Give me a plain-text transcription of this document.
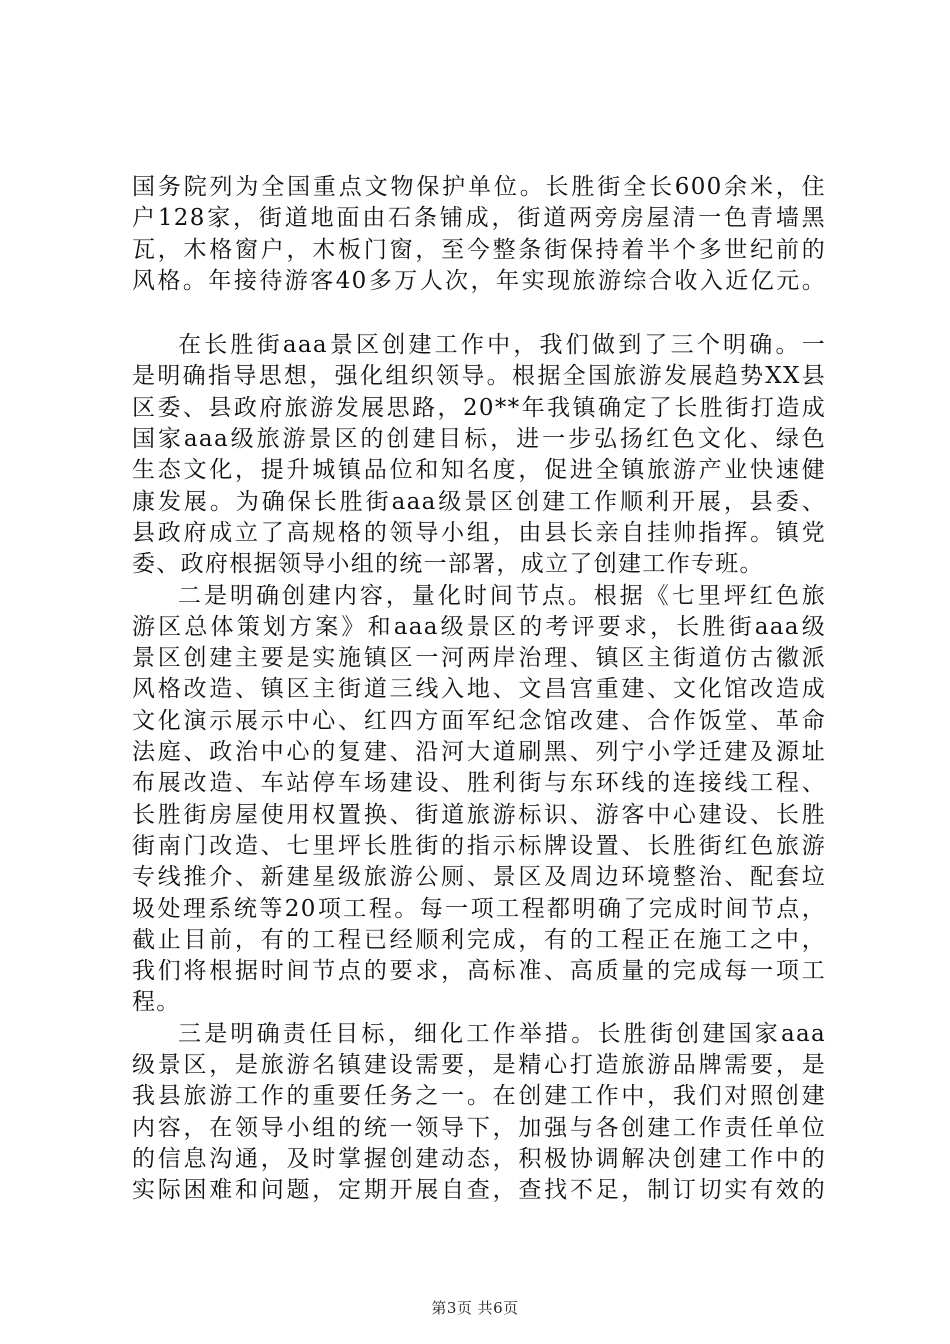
国务院列为全国重点文物保护单位。长胜街全长600余米，住
户128家，街道地面由石条铺成，街道两旁房屋清一色青墙黑
瓦，木格窗户，木板门窗，至今整条街保持着半个多世纪前的
风格。年接待游客40多万人次，年实现旅游综合收入近亿元。
在长胜街aaa景区创建工作中，我们做到了三个明确。一
是明确指导思想，强化组织领导。根据全国旅游发展趋势XX县
区委、县政府旅游发展思路，20**年我镇确定了长胜街打造成
国家aaa级旅游景区的创建目标，进一步弘扬红色文化、绿色
生态文化，提升城镇品位和知名度，促进全镇旅游产业快速健
康发展。为确保长胜街aaa级景区创建工作顺利开展，县委、
县政府成立了高规格的领导小组，由县长亲自挂帅指挥。镇党
委、政府根据领导小组的统一部署，成立了创建工作专班。
二是明确创建内容，量化时间节点。根据《七里坪红色旅
游区总体策划方案》和aaa级景区的考评要求，长胜街aaa级
景区创建主要是实施镇区一河两岸治理、镇区主街道仿古徽派
风格改造、镇区主街道三线入地、文昌宫重建、文化馆改造成
文化演示展示中心、红四方面军纪念馆改建、合作饭堂、革命
法庭、政治中心的复建、沿河大道刷黑、列宁小学迁建及源址
布展改造、车站停车场建设、胜利街与东环线的连接线工程、
长胜街房屋使用权置换、街道旅游标识、游客中心建设、长胜
街南门改造、七里坪长胜街的指示标牌设置、长胜街红色旅游
专线推介、新建星级旅游公厕、景区及周边环境整治、配套垃
圾处理系统等20项工程。每一项工程都明确了完成时间节点，
截止目前，有的工程已经顺利完成，有的工程正在施工之中，
我们将根据时间节点的要求，高标准、高质量的完成每一项工
程。
三是明确责任目标，细化工作举措。长胜街创建国家aaa
级景区，是旅游名镇建设需要，是精心打造旅游品牌需要，是
我县旅游工作的重要任务之一。在创建工作中，我们对照创建
内容，在领导小组的统一领导下，加强与各创建工作责任单位
的信息沟通，及时掌握创建动态，积极协调解决创建工作中的
实际困难和问题，定期开展自查，查找不足，制订切实有效的
第3页 共6页
